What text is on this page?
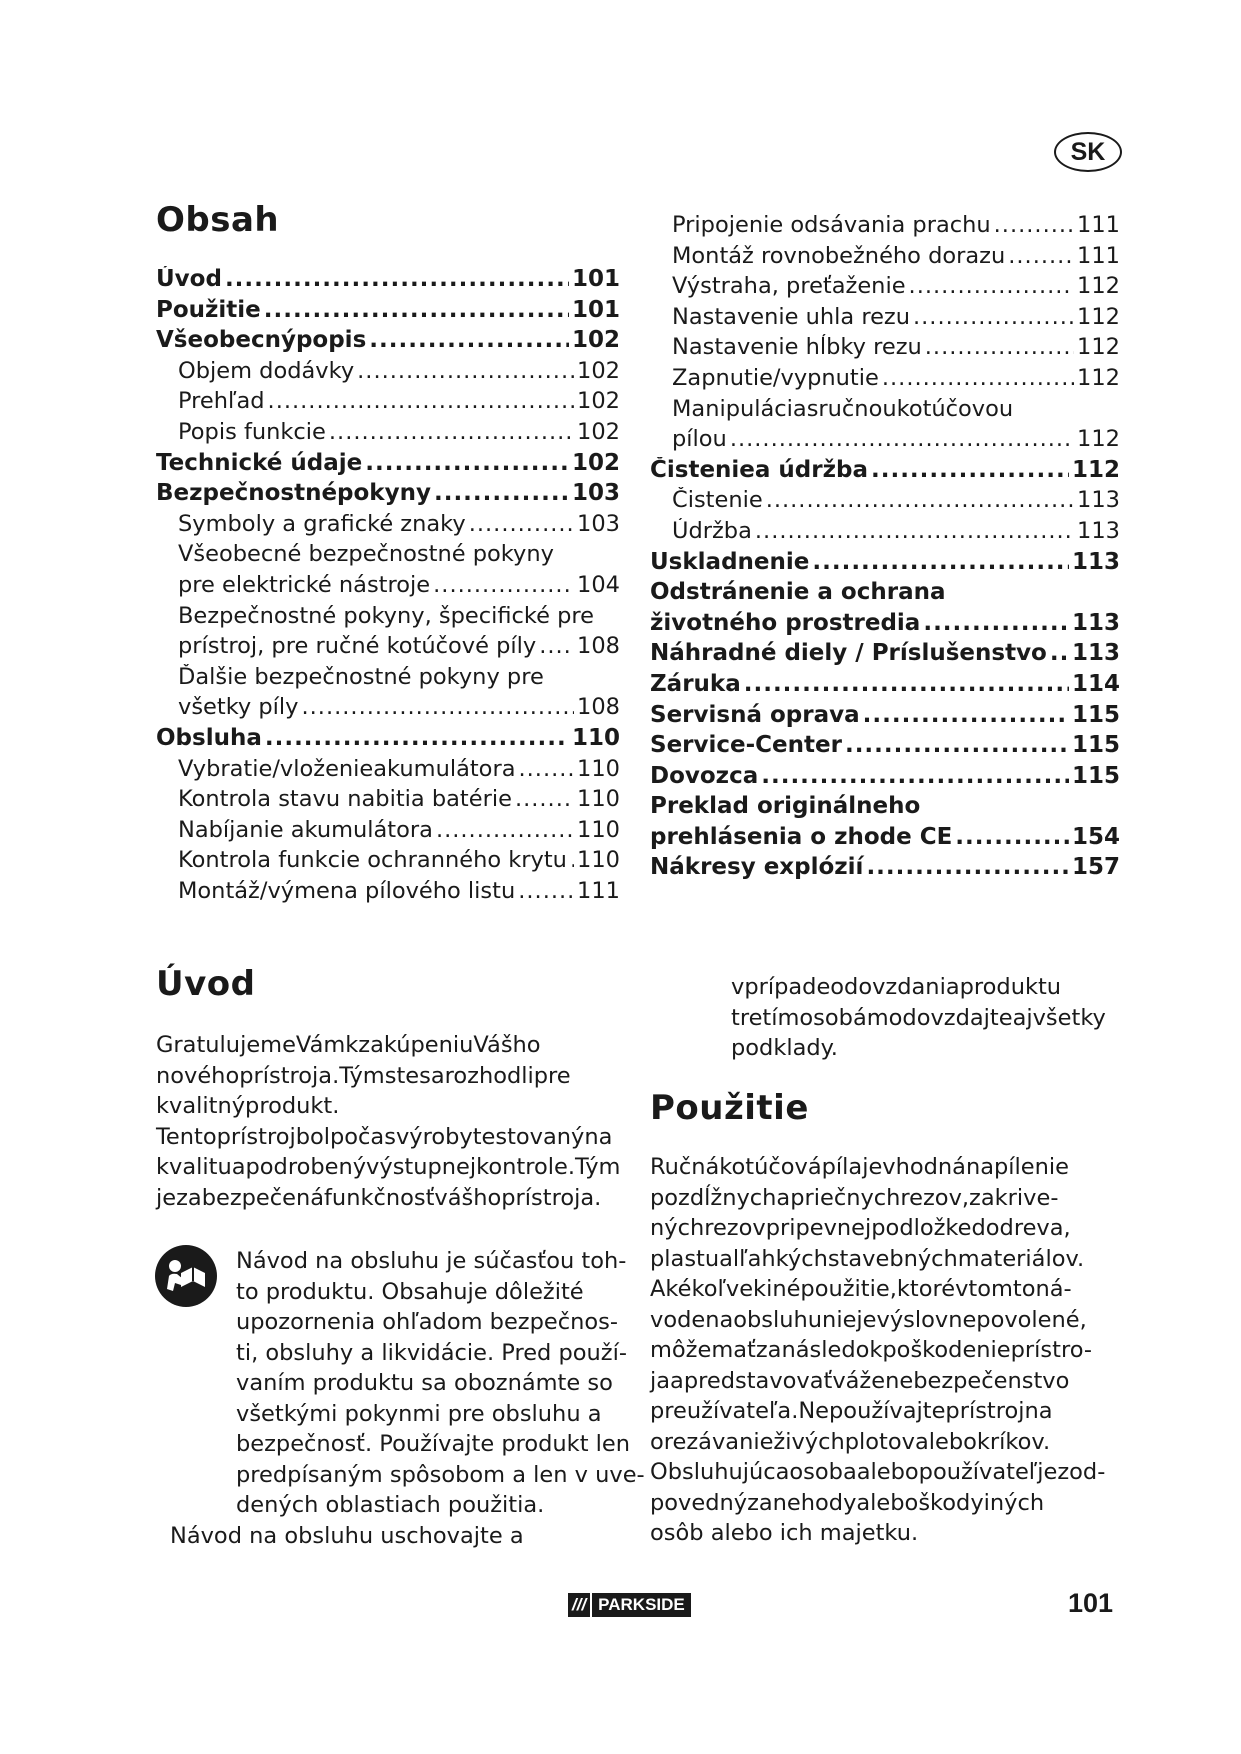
SK
Obsah
Úvod .....	101
Použitie .....	101
Všeobecnýpopis .....	102
Objem dodávky .....	102
Prehľad .....	102
Popis funkcie .....	102
Technické údaje .....	102
Bezpečnostnépokyny .....	103
Symboly a grafické znaky .....	103
Všeobecné bezpečnostné pokyny
pre elektrické nástroje .....	104
Bezpečnostné pokyny, špecifické pre
prístroj, pre ručné kotúčové píly ..... 108
Ďalšie bezpečnostné pokyny pre
všetky píly .....	108
Obsluha .....	110
Vybratie/vloženieakumulátora .....	110
Kontrola stavu nabitia batérie .....	110
Nabíjanie akumulátora .....	110
Kontrola funkcie ochranného krytu ..... 110
Montáž/výmena pílového listu .....	111
Pripojenie odsávania prachu .....	111
Montáž rovnobežného dorazu .....	111
Výstraha, preťaženie .....	112
Nastavenie uhla rezu .....	112
Nastavenie hĺbky rezu .....	112
Zapnutie/vypnutie .....	112
Manipuláciasručnoukotúčovou
pílou .....	112
Čisteniea údržba .....	112
Čistenie .....	113
Údržba .....	113
Uskladnenie .....	113
Odstránenie a ochrana
životného prostredia .....	113
Náhradné diely / Príslušenstvo ..... 113
Záruka .....	114
Servisná oprava .....	115
Service-Center .....	115
Dovozca .....	115
Preklad originálneho
prehlásenia o zhode CE .....	154
Nákresy explózií .....	157
Úvod

GratulujemeVámkzakúpeniuVášho
novéhoprístroja.Týmstesarozhodlipre
kvalitnýprodukt.
Tentoprístrojbolpočasvýrobytestovanýna
kvalituapodrobenývýstupnejkontrole.Tým
jezabezpečenáfunkčnosťvášhoprístroja.

Návod na obsluhu je súčasťou toh-
to produktu. Obsahuje dôležité
upozornenia ohľadom bezpečnos-
ti, obsluhy a likvidácie. Pred použí-
vaním produktu sa oboznámte so
všetkými pokynmi pre obsluhu a
bezpečnosť. Používajte produkt len
predpísaným spôsobom a len v uve-
dených oblastiach použitia.

Návod na obsluhu uschovajte a

vprípadeodovzdaniaproduktu
tretímosobámodovzdajteajvšetky
podklady.

Použitie

Ručnákotúčovápílajevhodnánapílenie
pozdĺžnychapriečnychrezov,zakrive-
nýchrezovpripevnejpodložkedodreva,
plastualľahkýchstavebnýchmateriálov.
Akékoľvekinépoužitie,ktorévtomtoná-
vodenaobsluhuniejevýslovnepovolené,
môžemaťzanásledokpoškodenieprístro-
jaapredstavovaťváženebezpečenstvo
preužívateľa.Nepoužívajteprístrojna
orezávaniеživýchplotovalebokríkov.
Obsluhujúcaosobaalebopoužívateľjezod-
povednýzanehodyaleboškodyiných
osôb alebo ich majetku.

/// PARKSIDE	101
